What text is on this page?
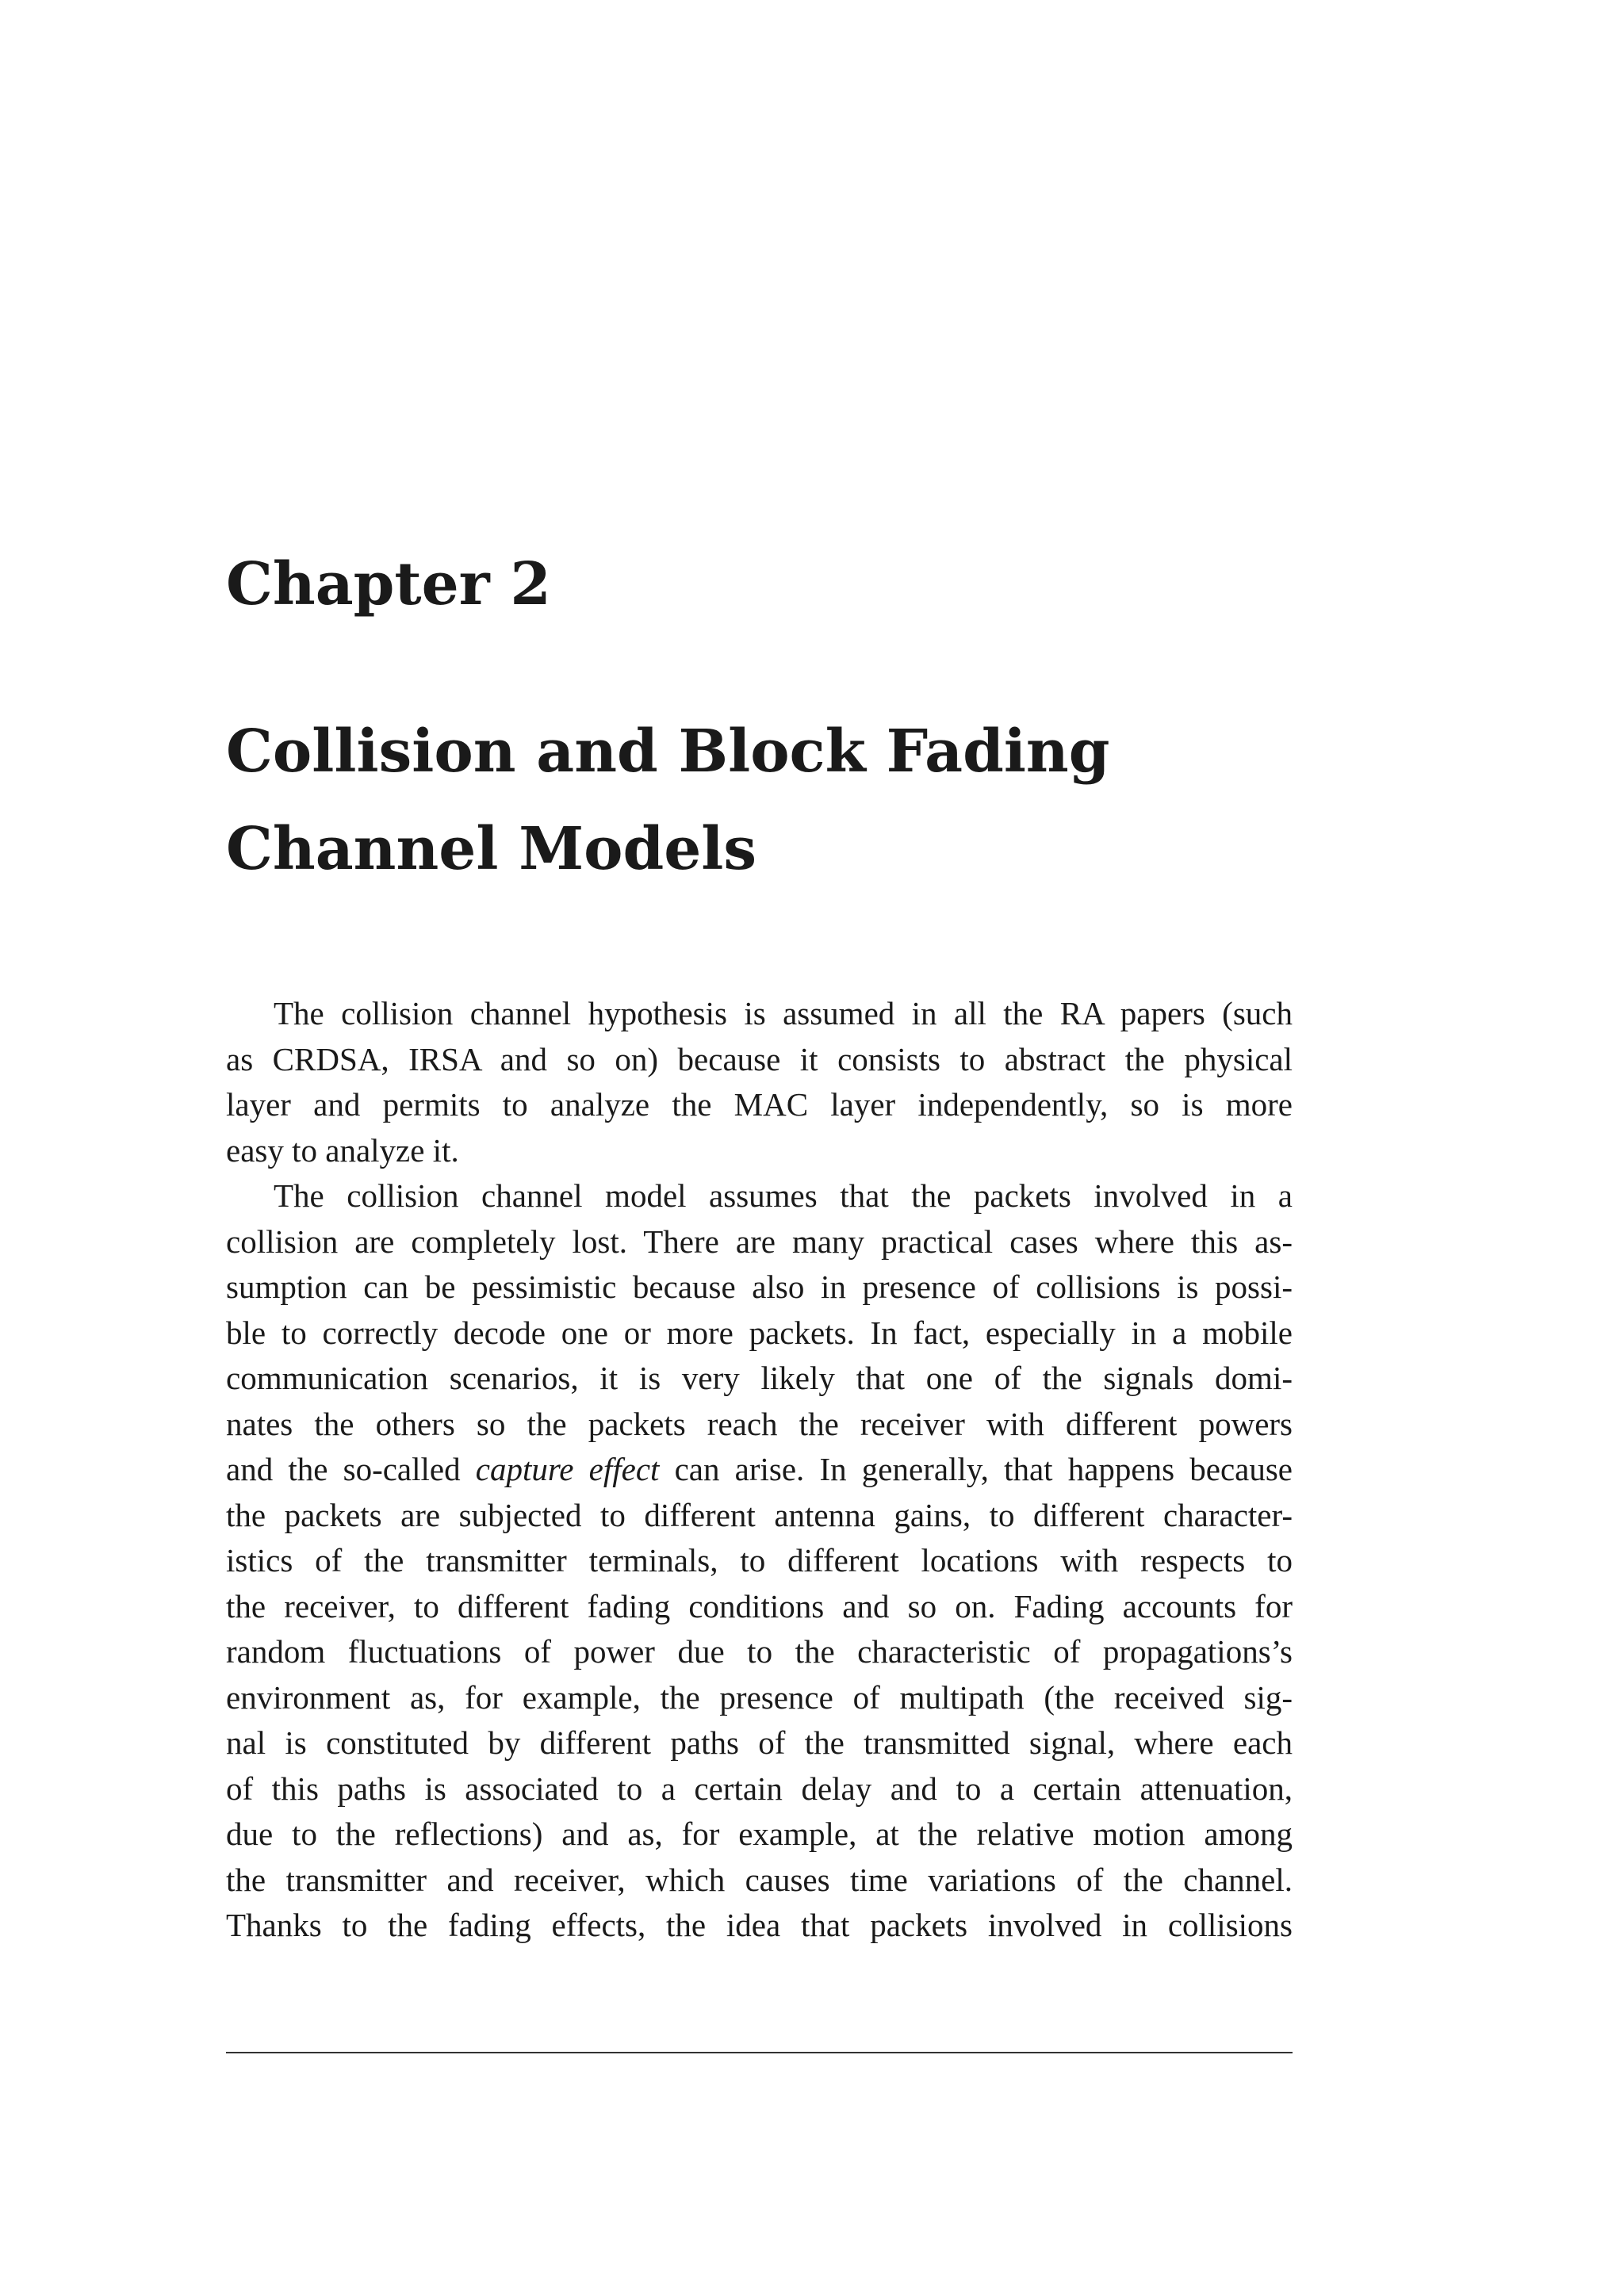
Chapter 2
Collision and Block Fading
Channel Models
The collision channel hypothesis is assumed in all the RA papers (such
as CRDSA, IRSA and so on) because it consists to abstract the physical
layer and permits to analyze the MAC layer independently, so is more
easy to analyze it.
The collision channel model assumes that the packets involved in a
collision are completely lost. There are many practical cases where this as-
sumption can be pessimistic because also in presence of collisions is possi-
ble to correctly decode one or more packets. In fact, especially in a mobile
communication scenarios, it is very likely that one of the signals domi-
nates the others so the packets reach the receiver with different powers
and the so-called capture effect can arise. In generally, that happens because
the packets are subjected to different antenna gains, to different character-
istics of the transmitter terminals, to different locations with respects to
the receiver, to different fading conditions and so on. Fading accounts for
random fluctuations of power due to the characteristic of propagations’s
environment as, for example, the presence of multipath (the received sig-
nal is constituted by different paths of the transmitted signal, where each
of this paths is associated to a certain delay and to a certain attenuation,
due to the reflections) and as, for example, at the relative motion among
the transmitter and receiver, which causes time variations of the channel.
Thanks to the fading effects, the idea that packets involved in collisions
